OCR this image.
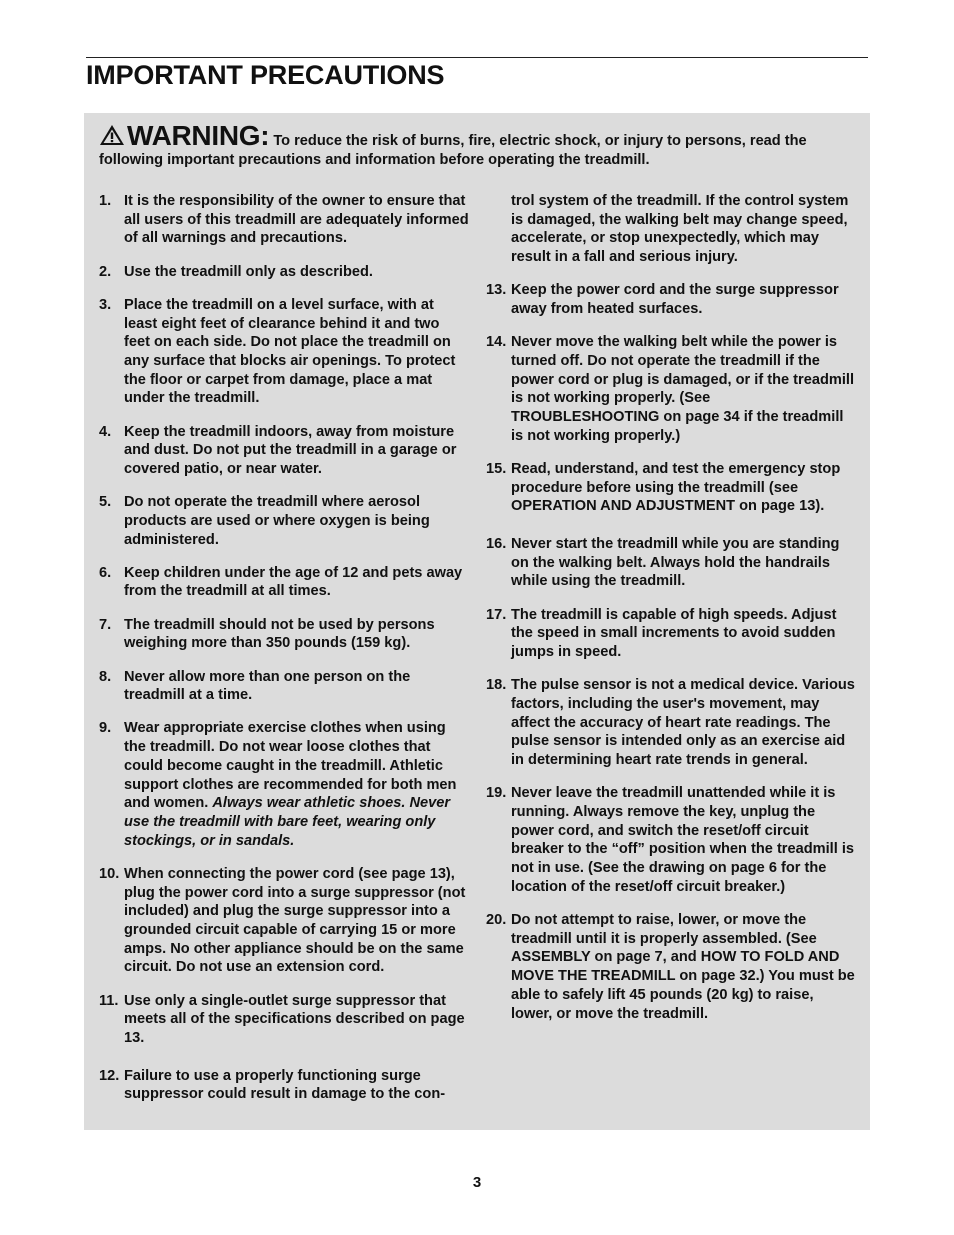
IMPORTANT PRECAUTIONS
WARNING: To reduce the risk of burns, fire, electric shock, or injury to persons, read the following important precautions and information before operating the treadmill.
1. It is the responsibility of the owner to ensure that all users of this treadmill are adequately informed of all warnings and precautions.
2. Use the treadmill only as described.
3. Place the treadmill on a level surface, with at least eight feet of clearance behind it and two feet on each side. Do not place the treadmill on any surface that blocks air openings. To protect the floor or carpet from damage, place a mat under the treadmill.
4. Keep the treadmill indoors, away from moisture and dust. Do not put the treadmill in a garage or covered patio, or near water.
5. Do not operate the treadmill where aerosol products are used or where oxygen is being administered.
6. Keep children under the age of 12 and pets away from the treadmill at all times.
7. The treadmill should not be used by persons weighing more than 350 pounds (159 kg).
8. Never allow more than one person on the treadmill at a time.
9. Wear appropriate exercise clothes when using the treadmill. Do not wear loose clothes that could become caught in the treadmill. Athletic support clothes are recommended for both men and women. Always wear athletic shoes. Never use the treadmill with bare feet, wearing only stockings, or in sandals.
10. When connecting the power cord (see page 13), plug the power cord into a surge suppressor (not included) and plug the surge suppressor into a grounded circuit capable of carrying 15 or more amps. No other appliance should be on the same circuit. Do not use an extension cord.
11. Use only a single-outlet surge suppressor that meets all of the specifications described on page 13.
12. Failure to use a properly functioning surge suppressor could result in damage to the con-
trol system of the treadmill. If the control system is damaged, the walking belt may change speed, accelerate, or stop unexpectedly, which may result in a fall and serious injury.
13. Keep the power cord and the surge suppressor away from heated surfaces.
14. Never move the walking belt while the power is turned off. Do not operate the treadmill if the power cord or plug is damaged, or if the treadmill is not working properly. (See TROUBLESHOOTING on page 34 if the treadmill is not working properly.)
15. Read, understand, and test the emergency stop procedure before using the treadmill (see OPERATION AND ADJUSTMENT on page 13).
16. Never start the treadmill while you are standing on the walking belt. Always hold the handrails while using the treadmill.
17. The treadmill is capable of high speeds. Adjust the speed in small increments to avoid sudden jumps in speed.
18. The pulse sensor is not a medical device. Various factors, including the user's movement, may affect the accuracy of heart rate readings. The pulse sensor is intended only as an exercise aid in determining heart rate trends in general.
19. Never leave the treadmill unattended while it is running. Always remove the key, unplug the power cord, and switch the reset/off circuit breaker to the “off” position when the treadmill is not in use. (See the drawing on page 6 for the location of the reset/off circuit breaker.)
20. Do not attempt to raise, lower, or move the treadmill until it is properly assembled. (See ASSEMBLY on page 7, and HOW TO FOLD AND MOVE THE TREADMILL on page 32.) You must be able to safely lift 45 pounds (20 kg) to raise, lower, or move the treadmill.
3
